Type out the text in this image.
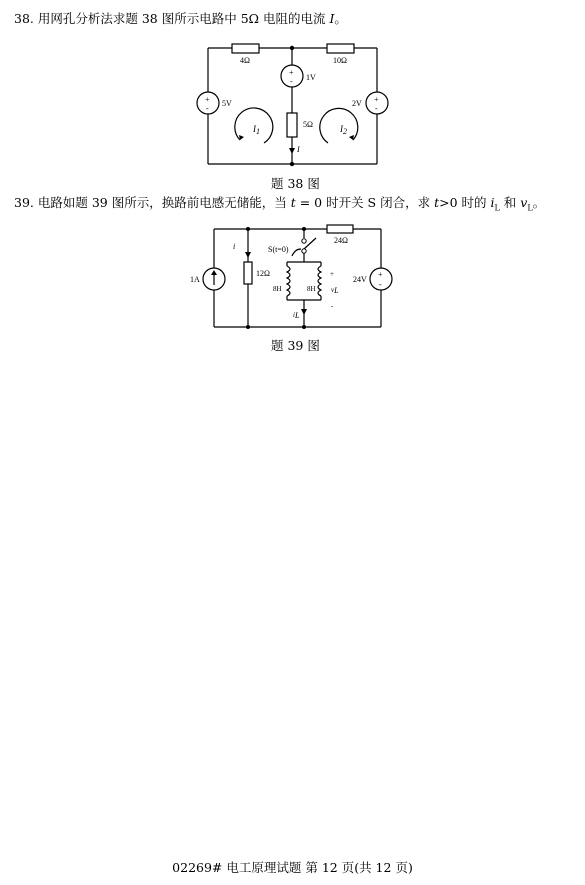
38. 用网孔分析法求题 38 图所示电路中 5Ω 电阻的电流 I。
4Ω	10Ω
5Ω
+
- 1V
+
-
5V	+
-
2V
I1	I2
I
题 38 图
39. 电路如题 39 图所示，换路前电感无储能，当 t = 0 时开关 S 闭合，求 t>0 时的 $i_L$ 和 $v_L$。
24Ω
12Ω
i
1A
S(t=0)
8H	8H
+
vL
-
iL
+
-
24V
题 39 图
02269# 电工原理试题 第 12 页(共 12 页)
